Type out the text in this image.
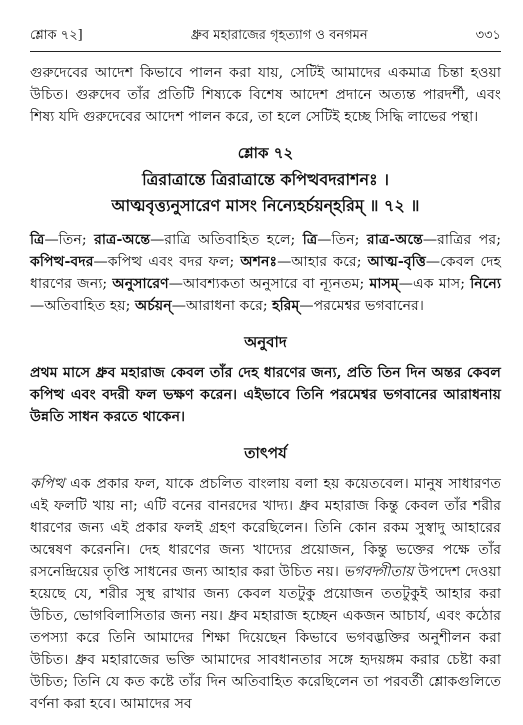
শ্লোক ৭২]	ধ্রুব মহারাজের গৃহত্যাগ ও বনগমন	৩৩১

গুরুদেবের আদেশ কিভাবে পালন করা যায়, সেটিই আমাদের একমাত্র চিন্তা হওয়া উচিত। গুরুদেব তাঁর প্রতিটি শিষ্যকে বিশেষ আদেশ প্রদানে অত্যন্ত পারদর্শী, এবং শিষ্য যদি গুরুদেবের আদেশ পালন করে, তা হলে সেটিই হচ্ছে সিদ্ধি লাভের পন্থা।

শ্লোক ৭২
ত্রিরাত্রান্তে ত্রিরাত্রান্তে কপিত্থবদরাশনঃ ।
আত্মবৃত্ত্যনুসারেণ মাসং নিন্যেহর্চয়ন্‌হরিম্‌ ॥ ৭২ ॥

ত্রি—তিন; রাত্র-অন্তে—রাত্রি অতিবাহিত হলে; ত্রি—তিন; রাত্র-অন্তে—রাত্রির পর; কপিত্থ-বদর—কপিত্থ এবং বদর ফল; অশনঃ—আহার করে; আত্ম-বৃত্তি—কেবল দেহ ধারণের জন্য; অনুসারেণ—আবশ্যকতা অনুসারে বা ন্যূনতম; মাসম্‌—এক মাস; নিন্যে—অতিবাহিত হয়; অর্চয়ন্‌—আরাধনা করে; হরিম্‌—পরমেশ্বর ভগবানের।

অনুবাদ

প্রথম মাসে ধ্রুব মহারাজ কেবল তাঁর দেহ ধারণের জন্য, প্রতি তিন দিন অন্তর কেবল কপিত্থ এবং বদরী ফল ভক্ষণ করেন। এইভাবে তিনি পরমেশ্বর ভগবানের আরাধনায় উন্নতি সাধন করতে থাকেন।

তাৎপর্য

কপিত্থ এক প্রকার ফল, যাকে প্রচলিত বাংলায় বলা হয় কয়েতবেল। মানুষ সাধারণত এই ফলটি খায় না; এটি বনের বানরদের খাদ্য। ধ্রুব মহারাজ কিন্তু কেবল তাঁর শরীর ধারণের জন্য এই প্রকার ফলই গ্রহণ করেছিলেন। তিনি কোন রকম সুস্বাদু আহারের অন্বেষণ করেননি। দেহ ধারণের জন্য খাদ্যের প্রয়োজন, কিন্তু ভক্তের পক্ষে তাঁর রসনেন্দ্রিয়ের তৃপ্তি সাধনের জন্য আহার করা উচিত নয়। ভগবদ্গীতায় উপদেশ দেওয়া হয়েছে যে, শরীর সুস্থ রাখার জন্য কেবল যতটুকু প্রয়োজন ততটুকুই আহার করা উচিত, ভোগবিলাসিতার জন্য নয়। ধ্রুব মহারাজ হচ্ছেন একজন আচার্য, এবং কঠোর তপস্যা করে তিনি আমাদের শিক্ষা দিয়েছেন কিভাবে ভগবদ্ভক্তির অনুশীলন করা উচিত। ধ্রুব মহারাজের ভক্তি আমাদের সাবধানতার সঙ্গে হৃদয়ঙ্গম করার চেষ্টা করা উচিত; তিনি যে কত কষ্টে তাঁর দিন অতিবাহিত করেছিলেন তা পরবর্তী শ্লোকগুলিতে বর্ণনা করা হবে। আমাদের সব
